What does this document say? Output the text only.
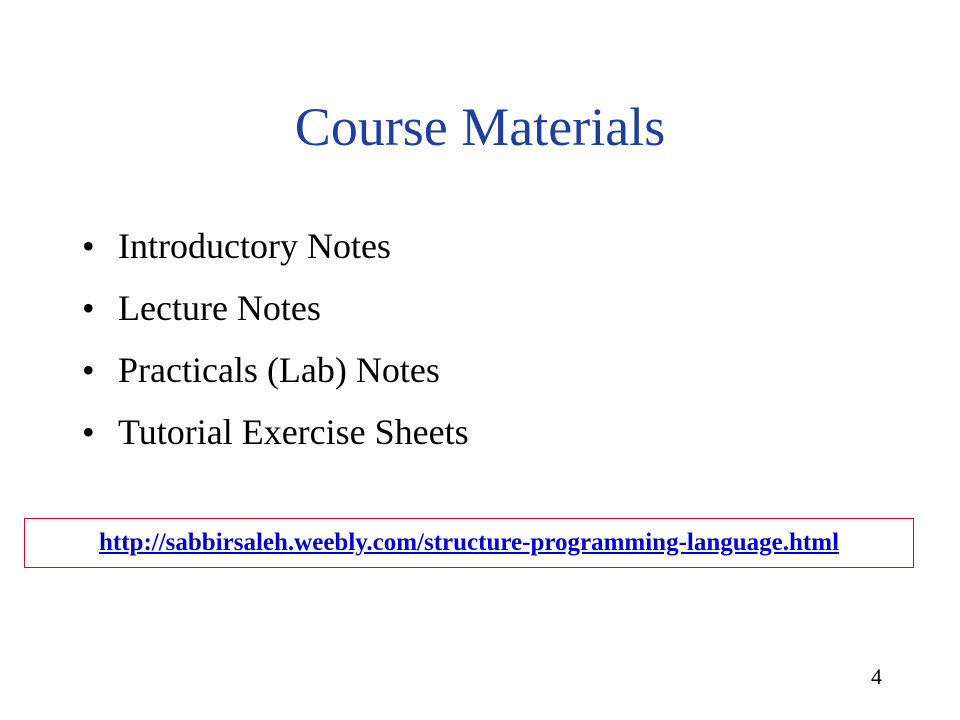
Course Materials
• Introductory Notes
• Lecture Notes
• Practicals (Lab) Notes
• Tutorial Exercise Sheets
http://sabbirsaleh.weebly.com/structure-programming-language.html
4
